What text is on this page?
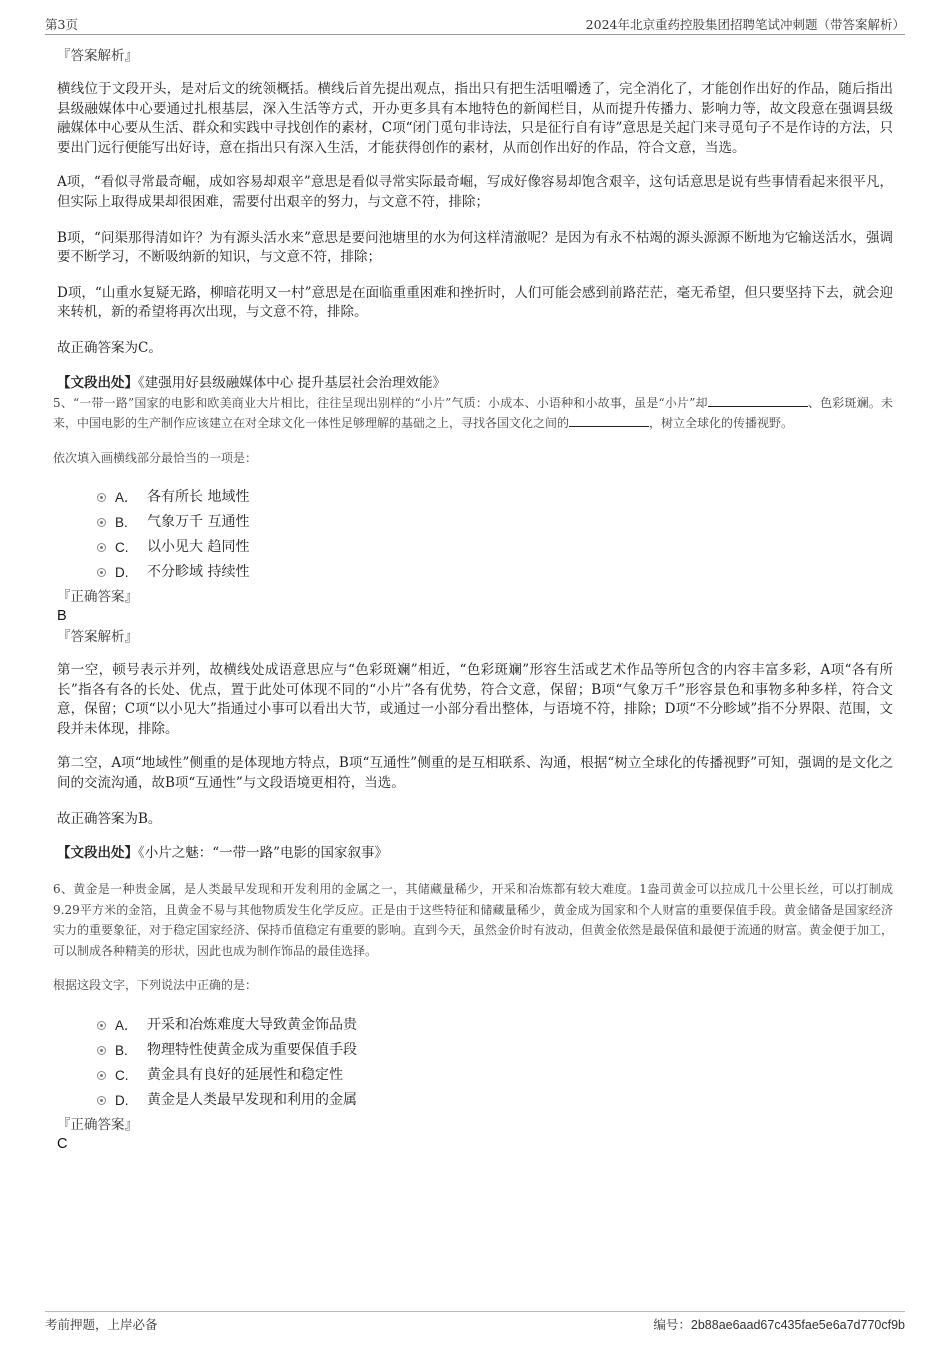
第3页	2024年北京重药控股集团招聘笔试冲刺题（带答案解析）

『答案解析』

横线位于文段开头，是对后文的统领概括。横线后首先提出观点，指出只有把生活咀嚼透了，完全消化了，才能创作出好的作品，随后指出县级融媒体中心要通过扎根基层，深入生活等方式，开办更多具有本地特色的新闻栏目，从而提升传播力、影响力等，故文段意在强调县级融媒体中心要从生活、群众和实践中寻找创作的素材，C项“闭门觅句非诗法，只是征行自有诗”意思是关起门来寻觅句子不是作诗的方法，只要出门远行便能写出好诗，意在指出只有深入生活，才能获得创作的素材，从而创作出好的作品，符合文意，当选。

A项，“看似寻常最奇崛，成如容易却艰辛”意思是看似寻常实际最奇崛，写成好像容易却饱含艰辛，这句话意思是说有些事情看起来很平凡，但实际上取得成果却很困难，需要付出艰辛的努力，与文意不符，排除；

B项，“问渠那得清如许？为有源头活水来”意思是要问池塘里的水为何这样清澈呢？是因为有永不枯竭的源头源源不断地为它输送活水，强调要不断学习，不断吸纳新的知识，与文意不符，排除；

D项，“山重水复疑无路，柳暗花明又一村”意思是在面临重重困难和挫折时，人们可能会感到前路茫茫，毫无希望，但只要坚持下去，就会迎来转机，新的希望将再次出现，与文意不符，排除。

故正确答案为C。

【文段出处】《建强用好县级融媒体中心 提升基层社会治理效能》

5、“一带一路”国家的电影和欧美商业大片相比，往往呈现出别样的“小片”气质：小成本、小语种和小故事，虽是“小片”却	、色彩斑斓。未来，中国电影的生产制作应该建立在对全球文化一体性足够理解的基础之上，寻找各国文化之间的	，树立全球化的传播视野。

依次填入画横线部分最恰当的一项是：

A． 各有所长 地域性
B. 气象万千 互通性
C. 以小见大 趋同性
D. 不分畛域 持续性

『正确答案』

B

『答案解析』

第一空，顿号表示并列，故横线处成语意思应与“色彩斑斓”相近，“色彩斑斓”形容生活或艺术作品等所包含的内容丰富多彩，A项“各有所长”指各有各的长处、优点，置于此处可体现不同的“小片”各有优势，符合文意，保留；B项“气象万千”形容景色和事物多种多样，符合文意，保留；C项“以小见大”指通过小事可以看出大节，或通过一小部分看出整体，与语境不符，排除；D项“不分畛域”指不分界限、范围，文段并未体现，排除。

第二空，A项“地域性”侧重的是体现地方特点，B项“互通性”侧重的是互相联系、沟通，根据“树立全球化的传播视野”可知，强调的是文化之间的交流沟通，故B项“互通性”与文段语境更相符，当选。

故正确答案为B。

【文段出处】《小片之魅：“一带一路”电影的国家叙事》

6、黄金是一种贵金属，是人类最早发现和开发利用的金属之一，其储藏量稀少，开采和冶炼都有较大难度。1盎司黄金可以拉成几十公里长丝，可以打制成9.29平方米的金箔，且黄金不易与其他物质发生化学反应。正是由于这些特征和储藏量稀少，黄金成为国家和个人财富的重要保值手段。黄金储备是国家经济实力的重要象征，对于稳定国家经济、保持币值稳定有重要的影响。直到今天，虽然金价时有波动，但黄金依然是最保值和最便于流通的财富。黄金便于加工，可以制成各种精美的形状，因此也成为制作饰品的最佳选择。

根据这段文字，下列说法中正确的是：

A． 开采和冶炼难度大导致黄金饰品贵
B. 物理特性使黄金成为重要保值手段
C. 黄金具有良好的延展性和稳定性
D. 黄金是人类最早发现和利用的金属

『正确答案』

C

考前押题，上岸必备	编号：2b88ae6aad67c435fae5e6a7d770cf9b
